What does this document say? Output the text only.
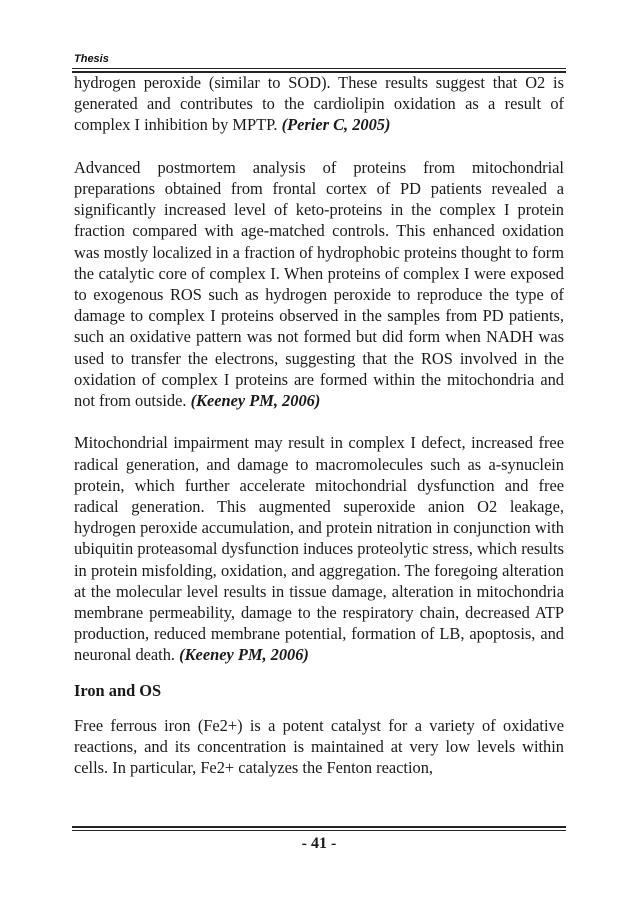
Thesis

hydrogen peroxide (similar to SOD). These results suggest that O2 is generated and contributes to the cardiolipin oxidation as a result of complex I inhibition by MPTP. (Perier C, 2005)

Advanced postmortem analysis of proteins from mitochondrial preparations obtained from frontal cortex of PD patients revealed a significantly increased level of keto-proteins in the complex I protein fraction compared with age-matched controls. This enhanced oxidation was mostly localized in a fraction of hydrophobic proteins thought to form the catalytic core of complex I. When proteins of complex I were exposed to exogenous ROS such as hydrogen peroxide to reproduce the type of damage to complex I proteins observed in the samples from PD patients, such an oxidative pattern was not formed but did form when NADH was used to transfer the electrons, suggesting that the ROS involved in the oxidation of complex I proteins are formed within the mitochondria and not from outside. (Keeney PM, 2006)

Mitochondrial impairment may result in complex I defect, increased free radical generation, and damage to macromolecules such as a-synuclein protein, which further accelerate mitochondrial dysfunction and free radical generation. This augmented superoxide anion O2 leakage, hydrogen peroxide accumulation, and protein nitration in conjunction with ubiquitin proteasomal dysfunction induces proteolytic stress, which results in protein misfolding, oxidation, and aggregation. The foregoing alteration at the molecular level results in tissue damage, alteration in mitochondria membrane permeability, damage to the respiratory chain, decreased ATP production, reduced membrane potential, formation of LB, apoptosis, and neuronal death. (Keeney PM, 2006)

Iron and OS

Free ferrous iron (Fe2+) is a potent catalyst for a variety of oxidative reactions, and its concentration is maintained at very low levels within cells. In particular, Fe2+ catalyzes the Fenton reaction,

- 41 -
